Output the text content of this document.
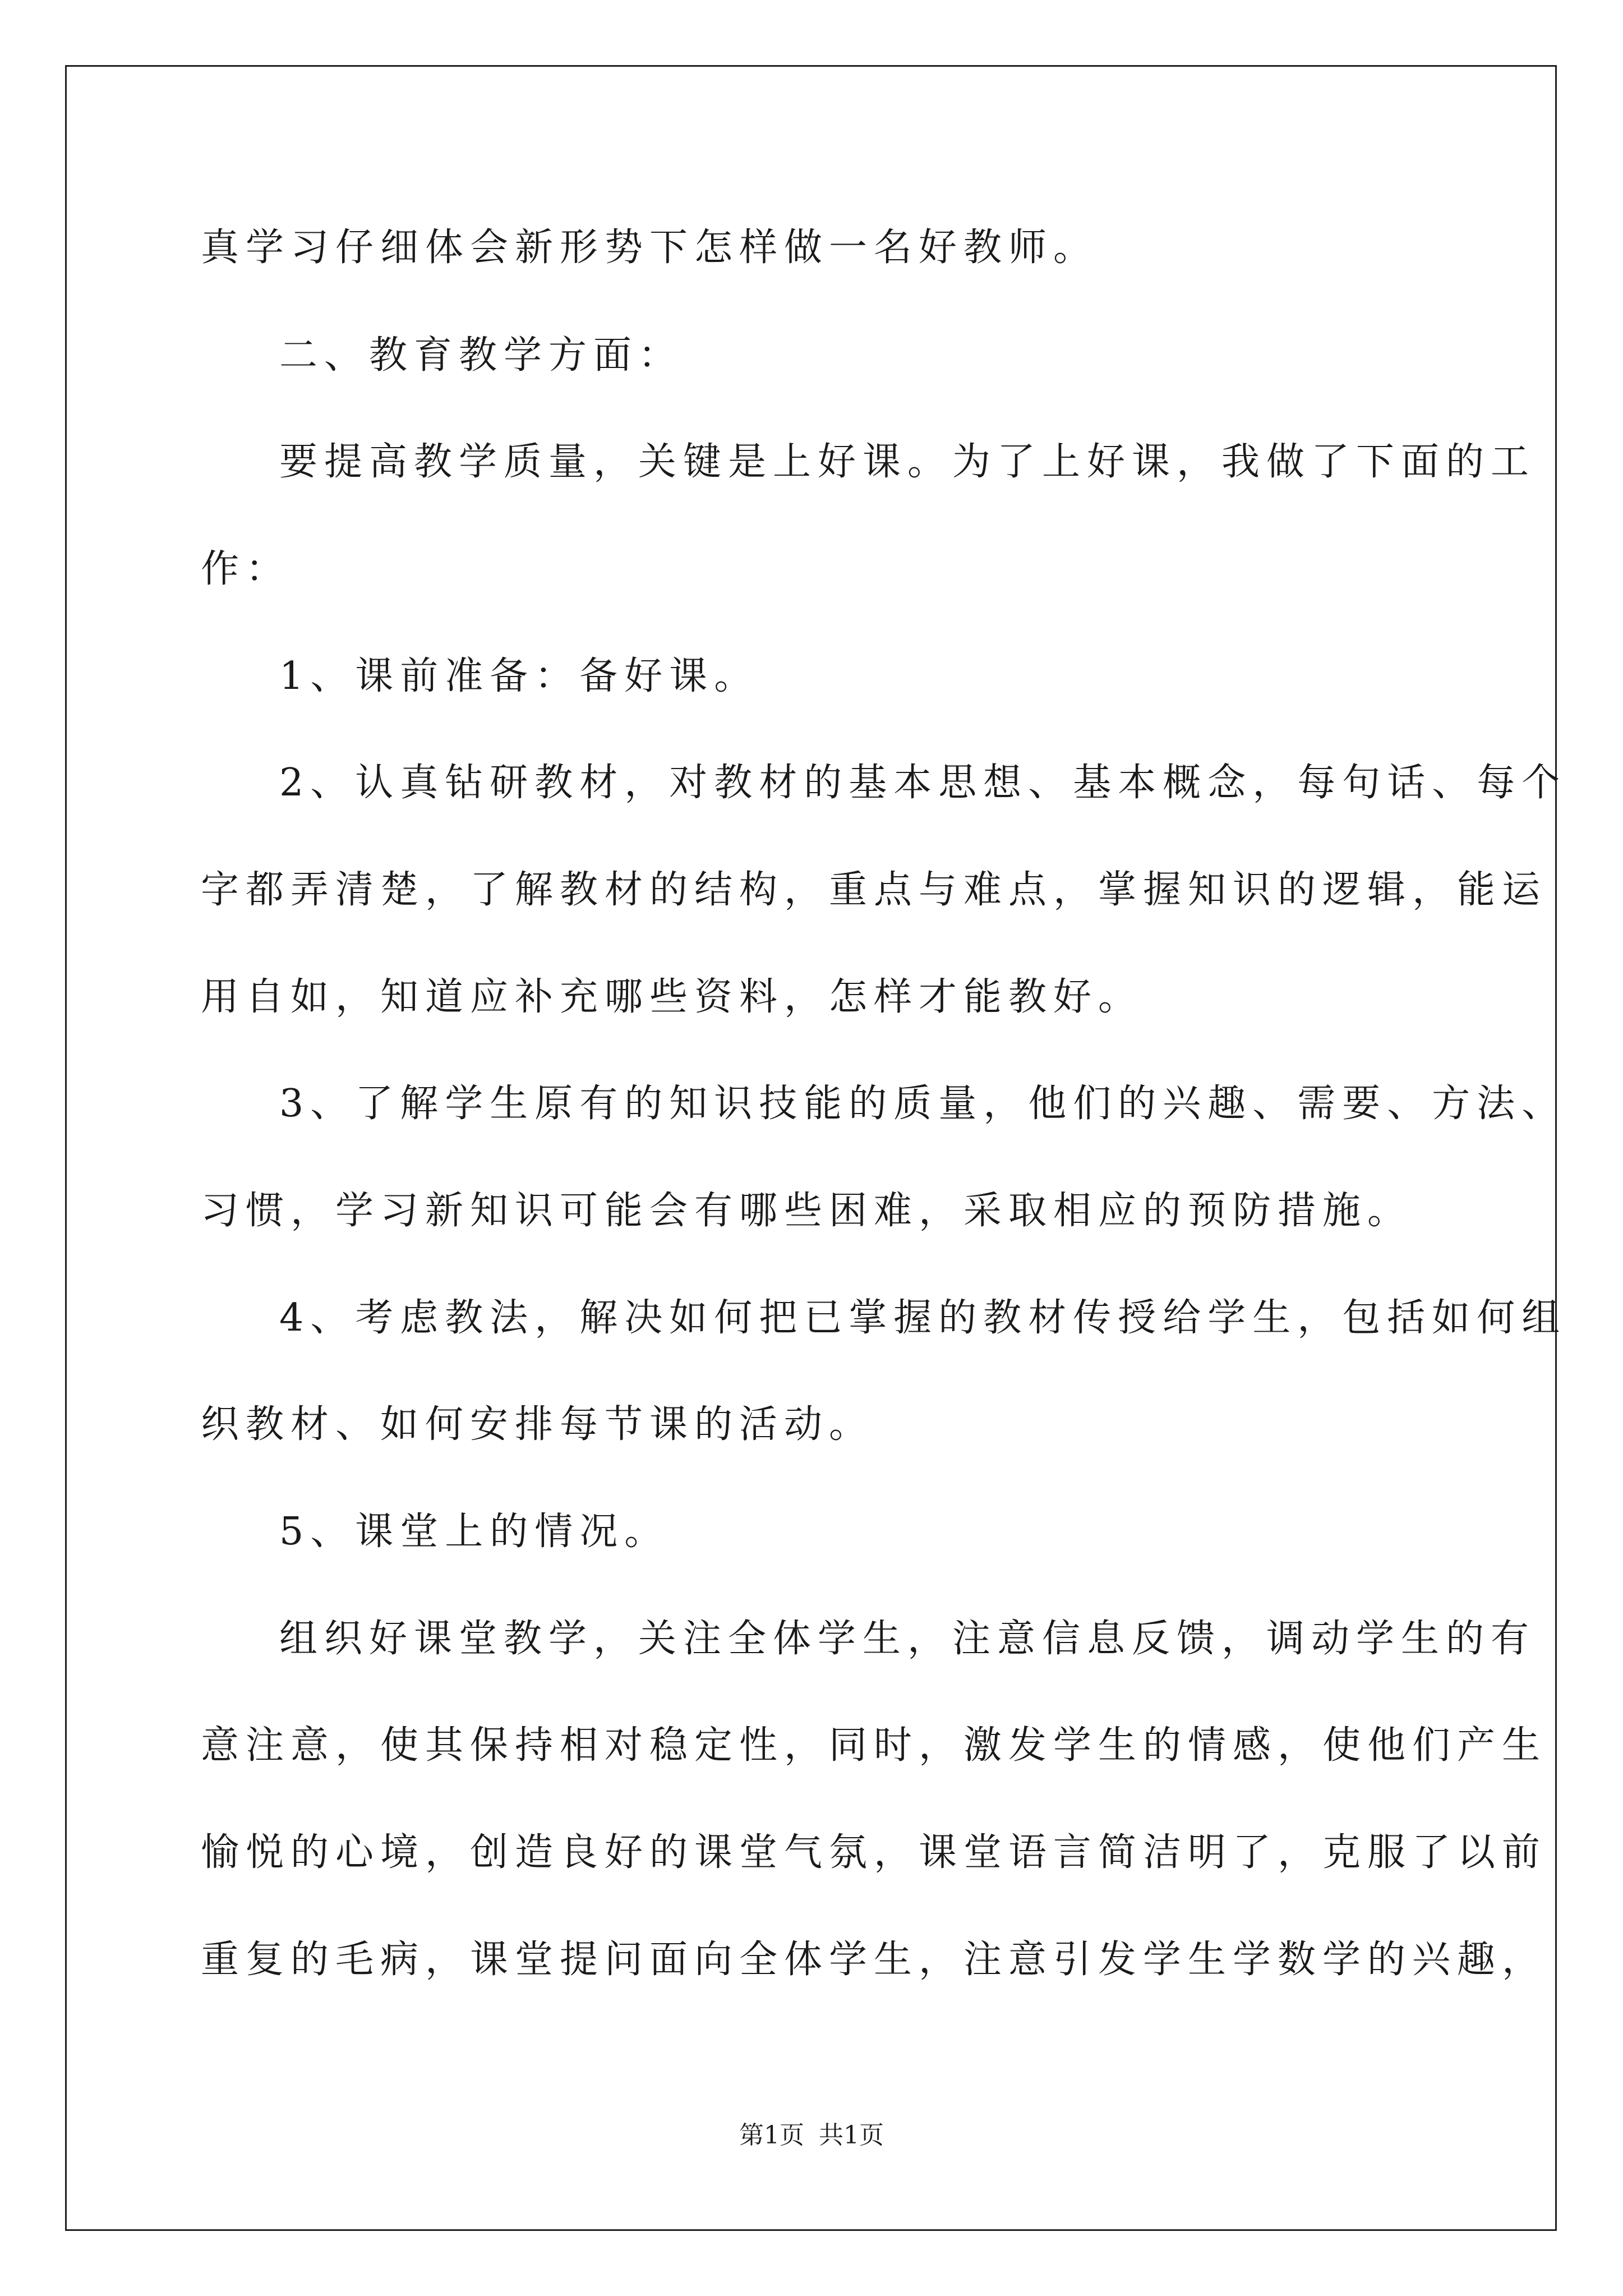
真学习仔细体会新形势下怎样做一名好教师。
二、教育教学方面：
要提高教学质量，关键是上好课。为了上好课，我做了下面的工
作：
1、课前准备：备好课。
2、认真钻研教材，对教材的基本思想、基本概念，每句话、每个
字都弄清楚，了解教材的结构，重点与难点，掌握知识的逻辑，能运
用自如，知道应补充哪些资料，怎样才能教好。
3、了解学生原有的知识技能的质量，他们的兴趣、需要、方法、
习惯，学习新知识可能会有哪些困难，采取相应的预防措施。
4、考虑教法，解决如何把已掌握的教材传授给学生，包括如何组
织教材、如何安排每节课的活动。
5、课堂上的情况。
组织好课堂教学，关注全体学生，注意信息反馈，调动学生的有
意注意，使其保持相对稳定性，同时，激发学生的情感，使他们产生
愉悦的心境，创造良好的课堂气氛，课堂语言简洁明了，克服了以前
重复的毛病，课堂提问面向全体学生，注意引发学生学数学的兴趣，
第1页 共1页
